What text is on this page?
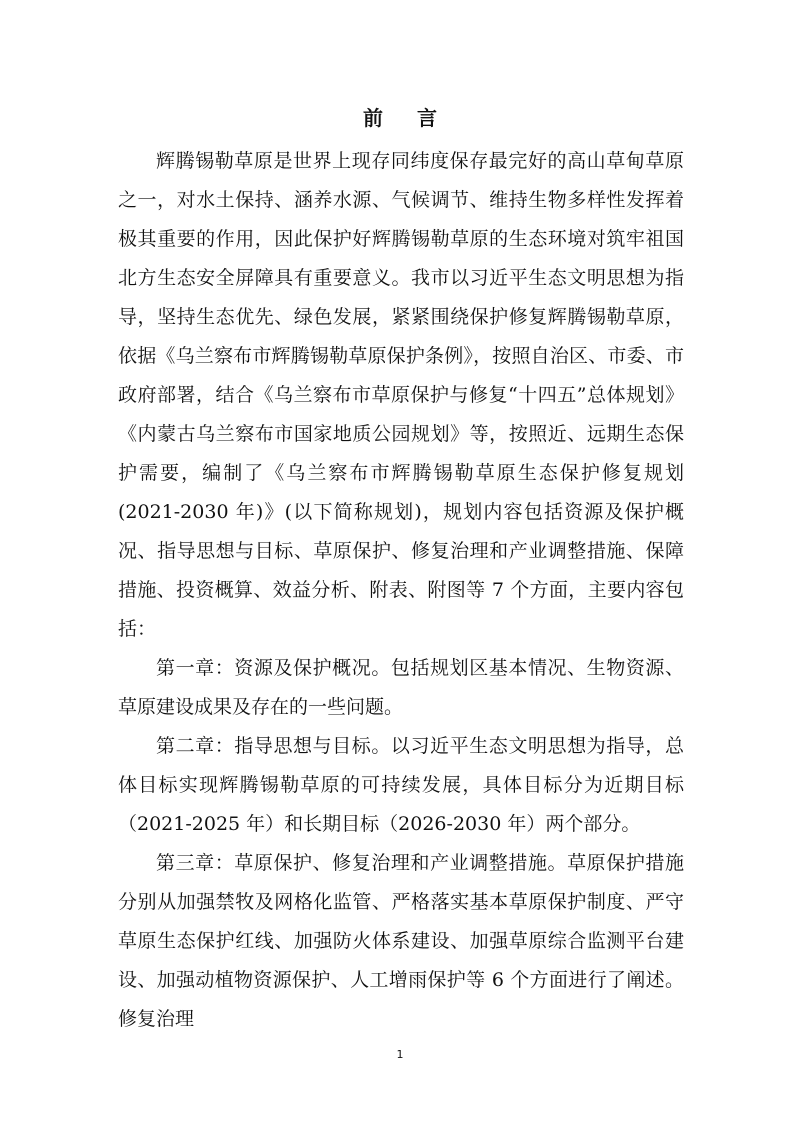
前言

辉腾锡勒草原是世界上现存同纬度保存最完好的高山草甸草原之一，对水土保持、涵养水源、气候调节、维持生物多样性发挥着极其重要的作用，因此保护好辉腾锡勒草原的生态环境对筑牢祖国北方生态安全屏障具有重要意义。我市以习近平生态文明思想为指导，坚持生态优先、绿色发展，紧紧围绕保护修复辉腾锡勒草原，依据《乌兰察布市辉腾锡勒草原保护条例》，按照自治区、市委、市政府部署，结合《乌兰察布市草原保护与修复“十四五”总体规划》《内蒙古乌兰察布市国家地质公园规划》等，按照近、远期生态保护需要，编制了《乌兰察布市辉腾锡勒草原生态保护修复规划(2021-2030 年)》(以下简称规划)，规划内容包括资源及保护概况、指导思想与目标、草原保护、修复治理和产业调整措施、保障措施、投资概算、效益分析、附表、附图等 7 个方面，主要内容包括：

第一章：资源及保护概况。包括规划区基本情况、生物资源、草原建设成果及存在的一些问题。

第二章：指导思想与目标。以习近平生态文明思想为指导，总体目标实现辉腾锡勒草原的可持续发展，具体目标分为近期目标（2021-2025 年）和长期目标（2026-2030 年）两个部分。

第三章：草原保护、修复治理和产业调整措施。草原保护措施分别从加强禁牧及网格化监管、严格落实基本草原保护制度、严守草原生态保护红线、加强防火体系建设、加强草原综合监测平台建设、加强动植物资源保护、人工增雨保护等 6 个方面进行了阐述。修复治理

1
